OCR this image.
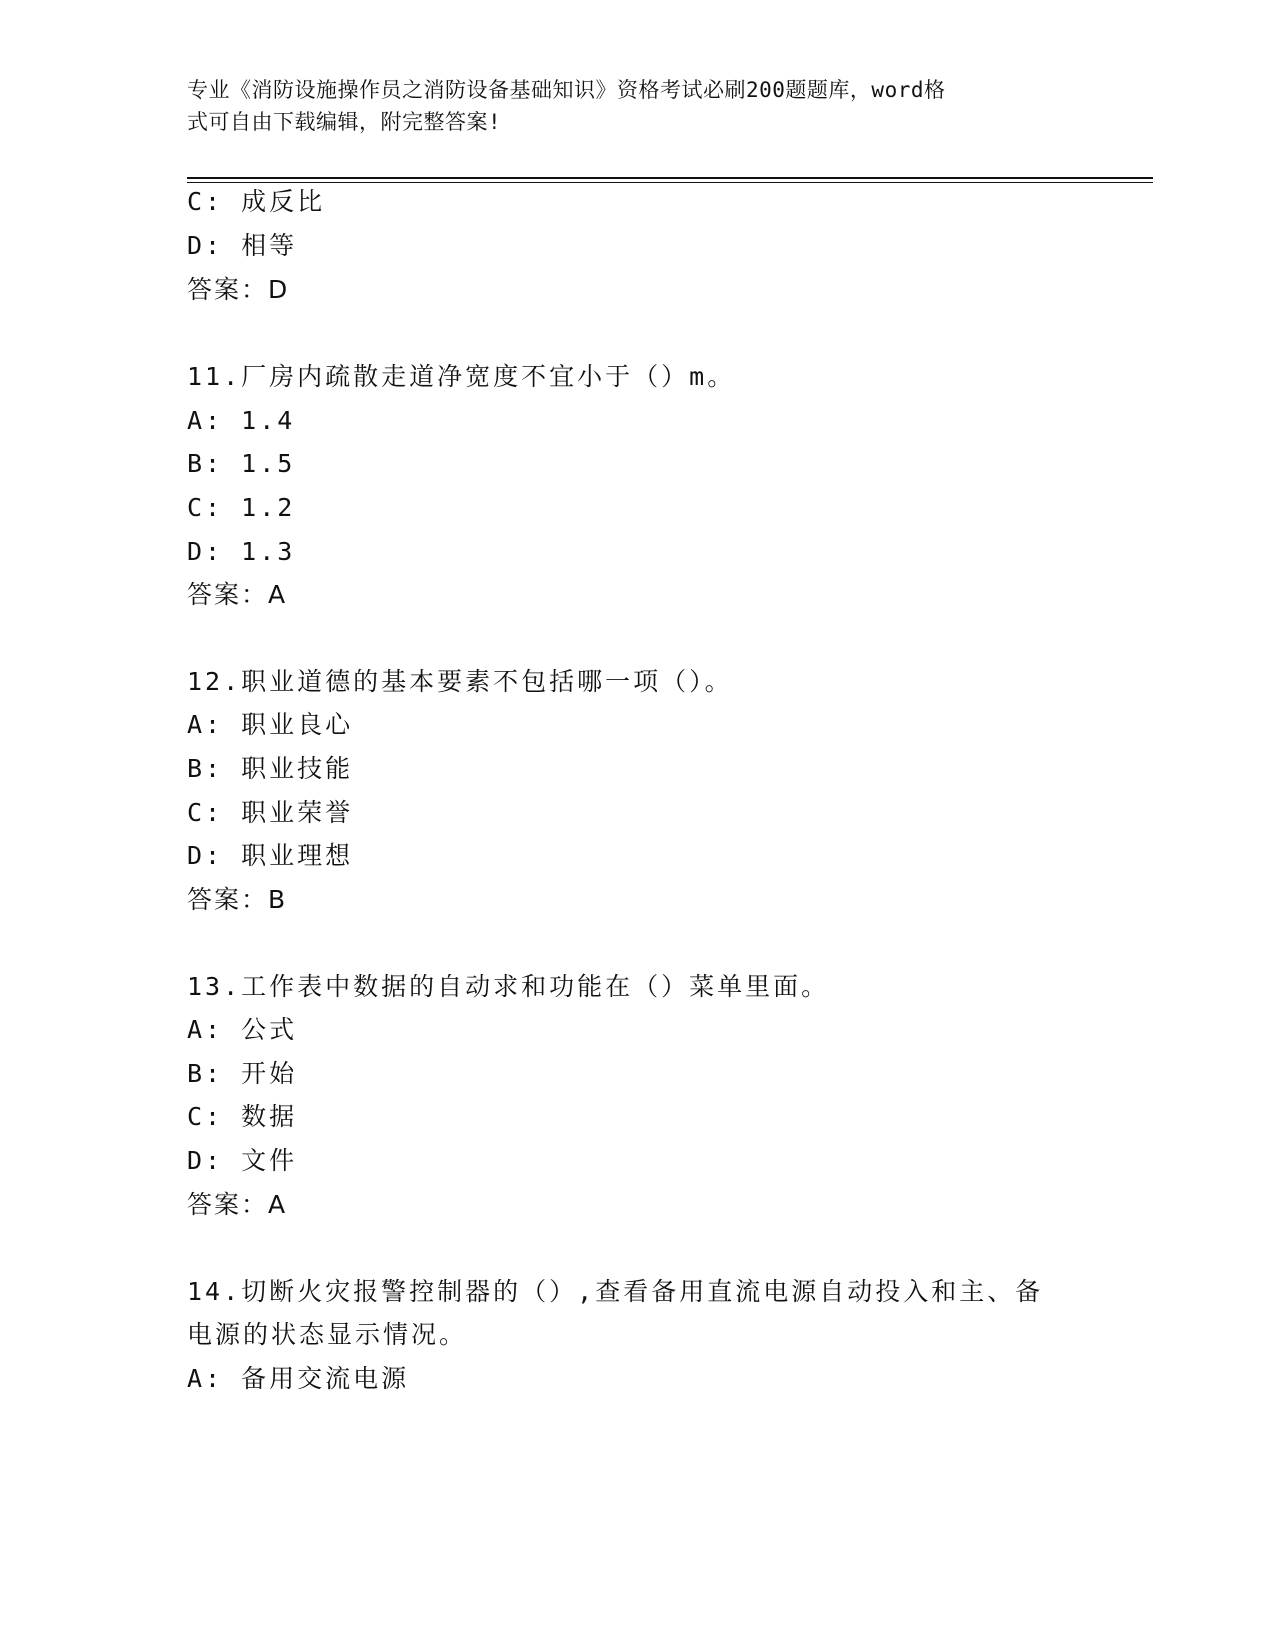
专业《消防设施操作员之消防设备基础知识》资格考试必刷200题题库，word格
式可自由下载编辑，附完整答案!
C: 成反比
D: 相等
答案：D
11.厂房内疏散走道净宽度不宜小于（）m。
A: 1.4
B: 1.5
C: 1.2
D: 1.3
答案：A
12.职业道德的基本要素不包括哪一项（）。
A: 职业良心
B: 职业技能
C: 职业荣誉
D: 职业理想
答案：B
13.工作表中数据的自动求和功能在（）菜单里面。
A: 公式
B: 开始
C: 数据
D: 文件
答案：A
14.切断火灾报警控制器的（）,查看备用直流电源自动投入和主、备
电源的状态显示情况。
A: 备用交流电源
